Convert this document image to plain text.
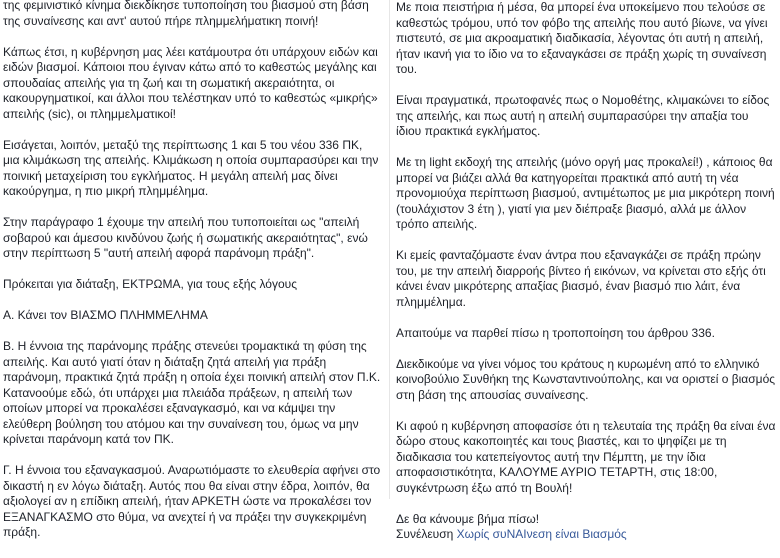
της φεμινιστικό κίνημα διεκδίκησε τυποποίηση του βιασμού στη βάση της συναίνεσης και αντ' αυτού πήρε πλημμελήματικη ποινή!

Κάπως έτσι, η κυβέρνηση μας λέει κατάμουτρα ότι υπάρχουν ειδών και ειδών βιασμοί. Κάποιοι που έγιναν κάτω από το καθεστώς μεγάλης και σπουδαίας απειλής για τη ζωή και τη σωματική ακεραιότητα, οι κακουργηματικοί, και άλλοι που τελέστηκαν υπό το καθεστώς «μικρής» απειλής (sic), οι πλημμελματικοί!

Εισάγεται, λοιπόν, μεταξύ της περίπτωσης 1 και 5 του νέου 336 ΠΚ, μια κλιμάκωση της απειλής. Κλιμάκωση η οποία συμπαρασύρει και την ποινική μεταχείριση του εγκλήματος. Η μεγάλη απειλή μας δίνει κακούργημα, η πιο μικρή πλημμέλημα.

Στην παράγραφο 1 έχουμε την απειλή που τυποποιείται ως "απειλή σοβαρού και άμεσου κινδύνου ζωής ή σωματικής ακεραιότητας", ενώ στην περίπτωση 5 "αυτή απειλή αφορά παράνομη πράξη".

Πρόκειται για διάταξη, ΕΚΤΡΩΜΑ, για τους εξής λόγους

Α. Κάνει τον ΒΙΑΣΜΟ ΠΛΗΜΜΕΛΗΜΑ

Β. Η έννοια της παράνομης πράξης στενεύει τρομακτικά τη φύση της απειλής. Και αυτό γιατί όταν η διάταξη ζητά απειλή για πράξη παράνομη, πρακτικά ζητά πράξη η οποία έχει ποινική απειλή στον Π.Κ. Κατανοούμε εδώ, ότι υπάρχει μια πλειάδα πράξεων, η απειλή των οποίων μπορεί να προκαλέσει εξαναγκασμό, και να κάμψει την ελεύθερη βούληση του ατόμου και την συναίνεση του, όμως να μην κρίνεται παράνομη κατά τον ΠΚ.

Γ. Η έννοια του εξαναγκασμού. Αναρωτιόμαστε το ελευθερία αφήνει στο δικαστή η εν λόγω διάταξη. Αυτός που θα είναι στην έδρα, λοιπόν, θα αξιολογεί αν η επίδικη απειλή, ήταν ΑΡΚΕΤΗ ώστε να προκαλέσει τον ΕΞΑΝΑΓΚΑΣΜΟ στο θύμα, να ανεχτεί ή να πράξει την συγκεκριμένη πράξη.

Με ποια πειστήρια ή μέσα, θα μπορεί ένα υποκείμενο που τελούσε σε καθεστώς τρόμου, υπό τον φόβο της απειλής που αυτό βίωνε, να γίνει πιστευτό, σε μια ακροαματική διαδικασία, λέγοντας ότι αυτή η απειλή, ήταν ικανή για το ίδιο να το εξαναγκάσει σε πράξη χωρίς τη συναίνεση του.

Είναι πραγματικά, πρωτοφανές πως ο Νομοθέτης, κλιμακώνει το είδος της απειλής, και πως αυτή η απειλή συμπαρασύρει την απαξία του ίδιου πρακτικά εγκλήματος.

Με τη light εκδοχή της απειλής (μόνο οργή μας προκαλεί!) , κάποιος θα μπορεί να βιάζει αλλά θα κατηγορείται πρακτικά από αυτή τη νέα προνομιούχα περίπτωση βιασμού, αντιμέτωπος με μια μικρότερη ποινή (τουλάχιστον 3 έτη ), γιατί για μεν διέπραξε βιασμό, αλλά με άλλον τρόπο απειλής.

Κι εμείς φανταζόμαστε έναν άντρα που εξαναγκάζει σε πράξη πρώην του, με την απειλή διαρροής βίντεο ή εικόνων, να κρίνεται στο εξής ότι κάνει έναν μικρότερης απαξίας βιασμό, έναν βιασμό πιο λάιτ, ένα πλημμέλημα.

Απαιτούμε να παρθεί πίσω η τροποποίηση του άρθρου 336.

Διεκδικούμε να γίνει νόμος του κράτους η κυρωμένη από το ελληνικό κοινοβούλιο Συνθήκη της Κωνσταντινούπολης, και να οριστεί ο βιασμός στη βάση της απουσίας συναίνεσης.

Κι αφού η κυβέρνηση αποφασίσε ότι η τελευταία της πράξη θα είναι ένα δώρο στους κακοποιητές και τους βιαστές, και το ψηφίζει με τη διαδικασια του κατεπείγοντος αυτή την Πέμπτη, με την ίδια αποφασιστικότητα, ΚΑΛΟΥΜΕ ΑΥΡΙΟ ΤΕΤΑΡΤΗ, στις 18:00, συγκέντρωση έξω από τη Βουλή!

Δε θα κάνουμε βήμα πίσω!
Συνέλευση Χωρίς συΝΑΙνεση είναι Βιασμός
